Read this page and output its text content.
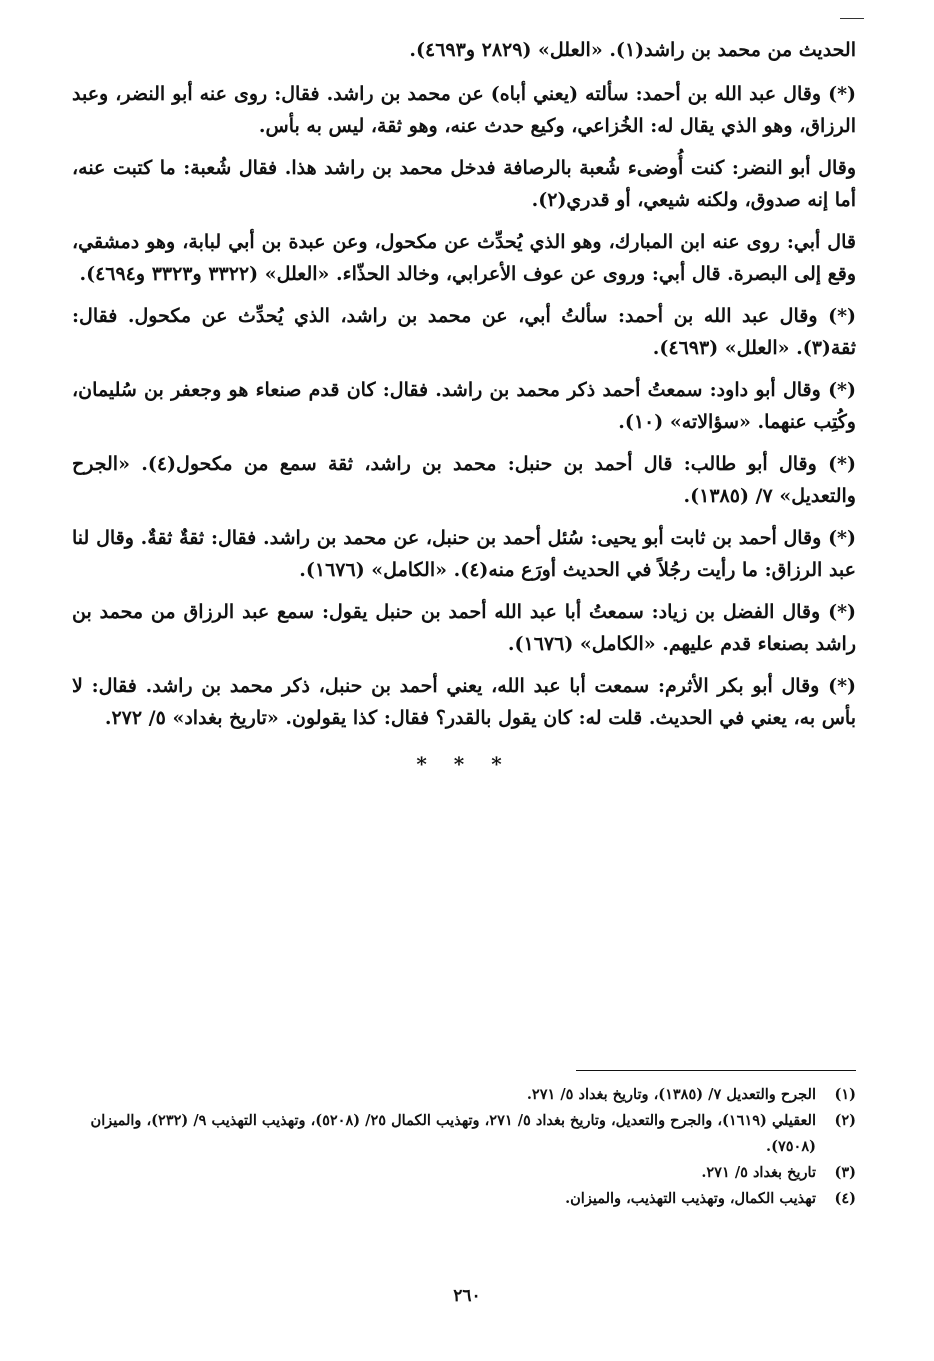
الحديث من محمد بن راشد(١). «العلل» (٢٨٢٩ و٤٦٩٣).

(*) وقال عبد الله بن أحمد: سألته (يعني أباه) عن محمد بن راشد. فقال: روى عنه أبو النضر، وعبد الرزاق، وهو الذي يقال له: الخُزاعي، وكيع حدث عنه، وهو ثقة، ليس به بأس.

وقال أبو النضر: كنت أُوضىء شُعبة بالرصافة فدخل محمد بن راشد هذا. فقال شُعبة: ما كتبت عنه، أما إنه صدوق، ولكنه شيعي، أو قدري(٢).

قال أبي: روى عنه ابن المبارك، وهو الذي يُحدِّث عن مكحول، وعن عبدة بن أبي لبابة، وهو دمشقي، وقع إلى البصرة. قال أبي: وروى عن عوف الأعرابي، وخالد الحذّاء. «العلل» (٣٣٢٢ و٣٣٢٣ و٤٦٩٤).

(*) وقال عبد الله بن أحمد: سألتُ أبي، عن محمد بن راشد، الذي يُحدِّث عن مكحول. فقال: ثقة(٣). «العلل» (٤٦٩٣).

(*) وقال أبو داود: سمعتُ أحمد ذكر محمد بن راشد. فقال: كان قدم صنعاء هو وجعفر بن سُليمان، وكُتِب عنهما. «سؤالاته» (١٠).

(*) وقال أبو طالب: قال أحمد بن حنبل: محمد بن راشد، ثقة سمع من مكحول(٤). «الجرح والتعديل» ٧/ (١٣٨٥).

(*) وقال أحمد بن ثابت أبو يحيى: سُئل أحمد بن حنبل، عن محمد بن راشد. فقال: ثقةٌ ثقةٌ. وقال لنا عبد الرزاق: ما رأيت رجُلاً في الحديث أورَع منه(٤). «الكامل» (١٦٧٦).

(*) وقال الفضل بن زياد: سمعتُ أبا عبد الله أحمد بن حنبل يقول: سمع عبد الرزاق من محمد بن راشد بصنعاء قدم عليهم. «الكامل» (١٦٧٦).

(*) وقال أبو بكر الأثرم: سمعت أبا عبد الله، يعني أحمد بن حنبل، ذكر محمد بن راشد. فقال: لا بأس به، يعني في الحديث. قلت له: كان يقول بالقدر؟ فقال: كذا يقولون. «تاريخ بغداد» ٥/ ٢٧٢.

* * *
(١)
الجرح والتعديل ٧/ (١٣٨٥)، وتاريخ بغداد ٥/ ٢٧١.
(٢)
العقيلي (١٦١٩)، والجرح والتعديل، وتاريخ بغداد ٥/ ٢٧١، وتهذيب الكمال ٢٥/ (٥٢٠٨)، وتهذيب التهذيب ٩/ (٢٣٢)، والميزان (٧٥٠٨).
(٣)
تاريخ بغداد ٥/ ٢٧١.
(٤)
تهذيب الكمال، وتهذيب التهذيب، والميزان.
٢٦٠
